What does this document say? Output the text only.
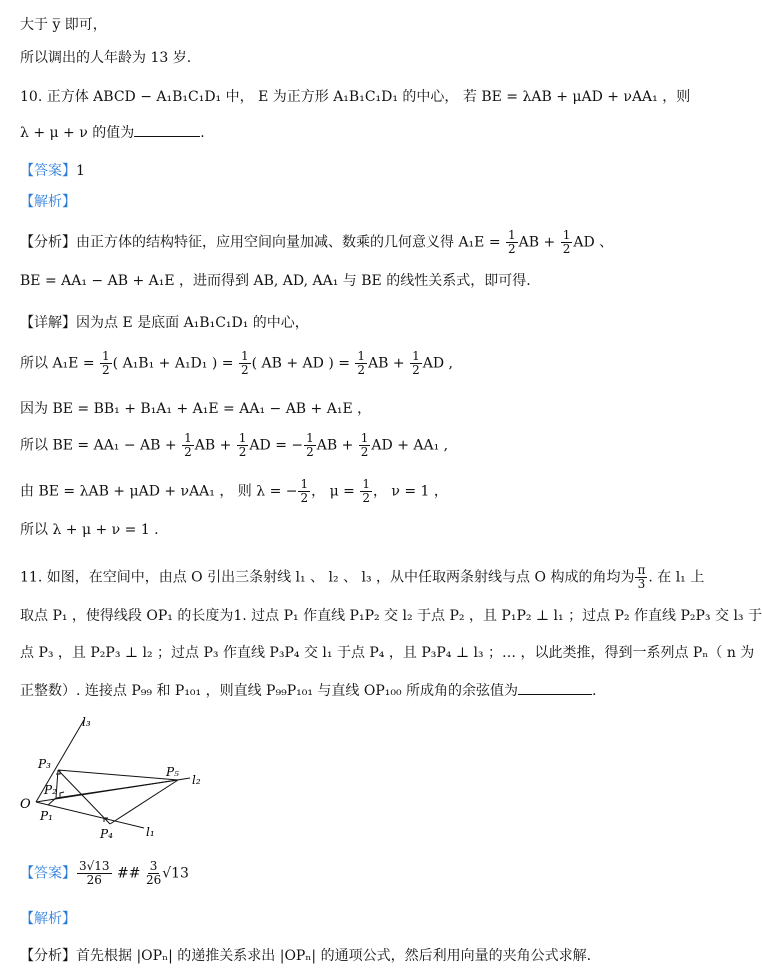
大于 y̅ 即可，
所以调出的人年龄为 13 岁.
10. 正方体 ABCD − A₁B₁C₁D₁ 中， E 为正方形 A₁B₁C₁D₁ 的中心， 若 BE = λAB + μAD + νAA₁ ，则
λ + μ + ν 的值为	.
【答案】1
【解析】
【分析】由正方体的结构特征，应用空间向量加减、数乘的几何意义得 $A_1E = \frac{1}{2}$ AB + $\frac{1}{2}$ AD 、
BE = AA₁ − AB + A₁E ，进而得到 AB, AD, AA₁ 与 BE 的线性关系式，即可得.
【详解】因为点 E 是底面 A₁B₁C₁D₁ 的中心，
所以 $A_1E = \frac{1}{2}$ ( A₁B₁ + A₁D₁ ) = $\frac{1}{2}$ ( AB + AD ) = $\frac{1}{2}$ AB + $\frac{1}{2}$ AD ,
因为 BE = BB₁ + B₁A₁ + A₁E = AA₁ − AB + A₁E ，
所以 BE = AA₁ − AB + $\frac{1}{2}$ AB + $\frac{1}{2}$ AD = − $\frac{1}{2}$ AB + $\frac{1}{2}$ AD + AA₁ ,
由 BE = λAB + μAD + νAA₁ ， 则 λ = − $\frac{1}{2}$ ， $\mu = \frac{1}{2}$ ， ν = 1 ，
所以 λ + μ + ν = 1 .
11. 如图，在空间中，由点 O 引出三条射线 l₁ 、 l₂ 、 l₃ ，从中任取两条射线与点 O 构成的角均为 $\frac{\pi}{3}$ . 在 l₁ 上
取点 P₁ ，使得线段 OP₁ 的长度为1. 过点 P₁ 作直线 P₁P₂ 交 l₂ 于点 P₂ ，且 P₁P₂ ⊥ l₁ ；过点 P₂ 作直线 P₂P₃ 交 l₃ 于
点 P₃ ，且 P₂P₃ ⊥ l₂ ；过点 P₃ 作直线 P₃P₄ 交 l₁ 于点 P₄ ，且 P₃P₄ ⊥ l₃ ；… ，以此类推，得到一系列点 Pₙ（ n 为
正整数）. 连接点 P₉₉ 和 P₁₀₁ ，则直线 P₉₉P₁₀₁ 与直线 OP₁₀₀ 所成角的余弦值为	.
l₃
l₂
l₁
O
P₁
P₂
P₃
P₄
P₅
【答案】 $\frac{3√13}{26}$ ## $\frac{3}{26} √13$
【解析】
【分析】首先根据 |OPₙ| 的递推关系求出 |OPₙ| 的通项公式，然后利用向量的夹角公式求解.
